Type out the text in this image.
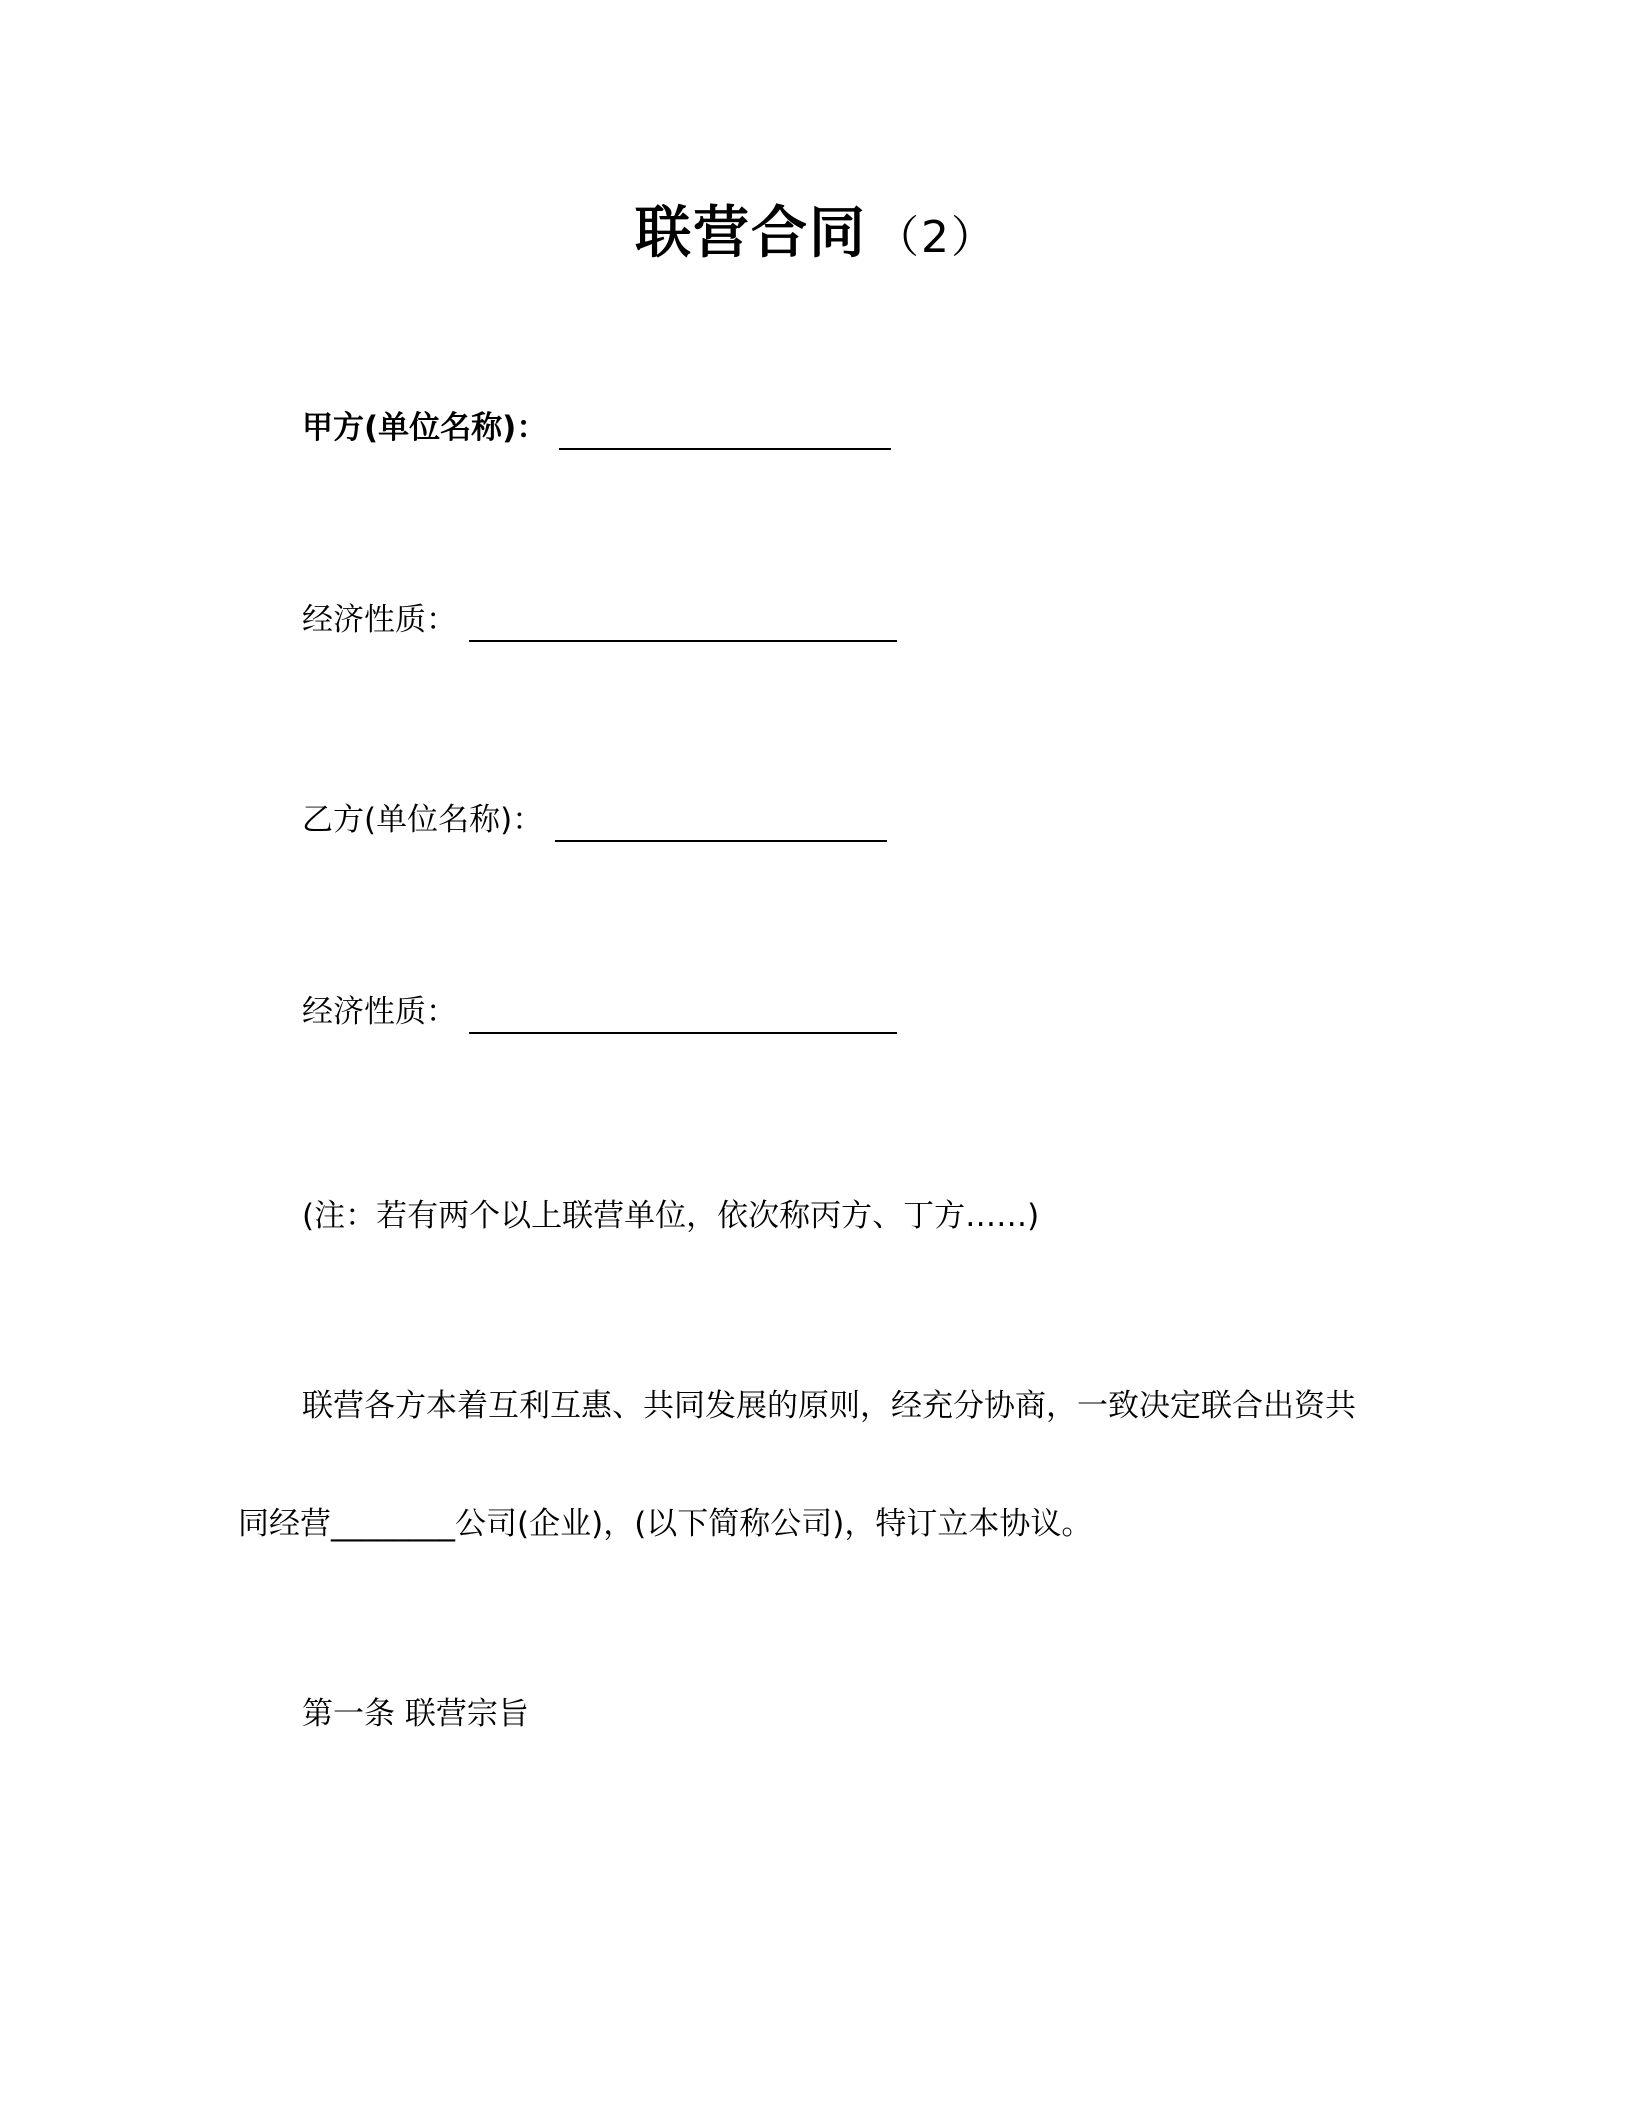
联营合同 （2）
甲方(单位名称)：
经济性质：
乙方(单位名称)：
经济性质：
(注：若有两个以上联营单位，依次称丙方、丁方……)
联营各方本着互利互惠、共同发展的原则，经充分协商，一致决定联合出资共
同经营________公司(企业)，(以下简称公司)，特订立本协议。
第一条 联营宗旨
